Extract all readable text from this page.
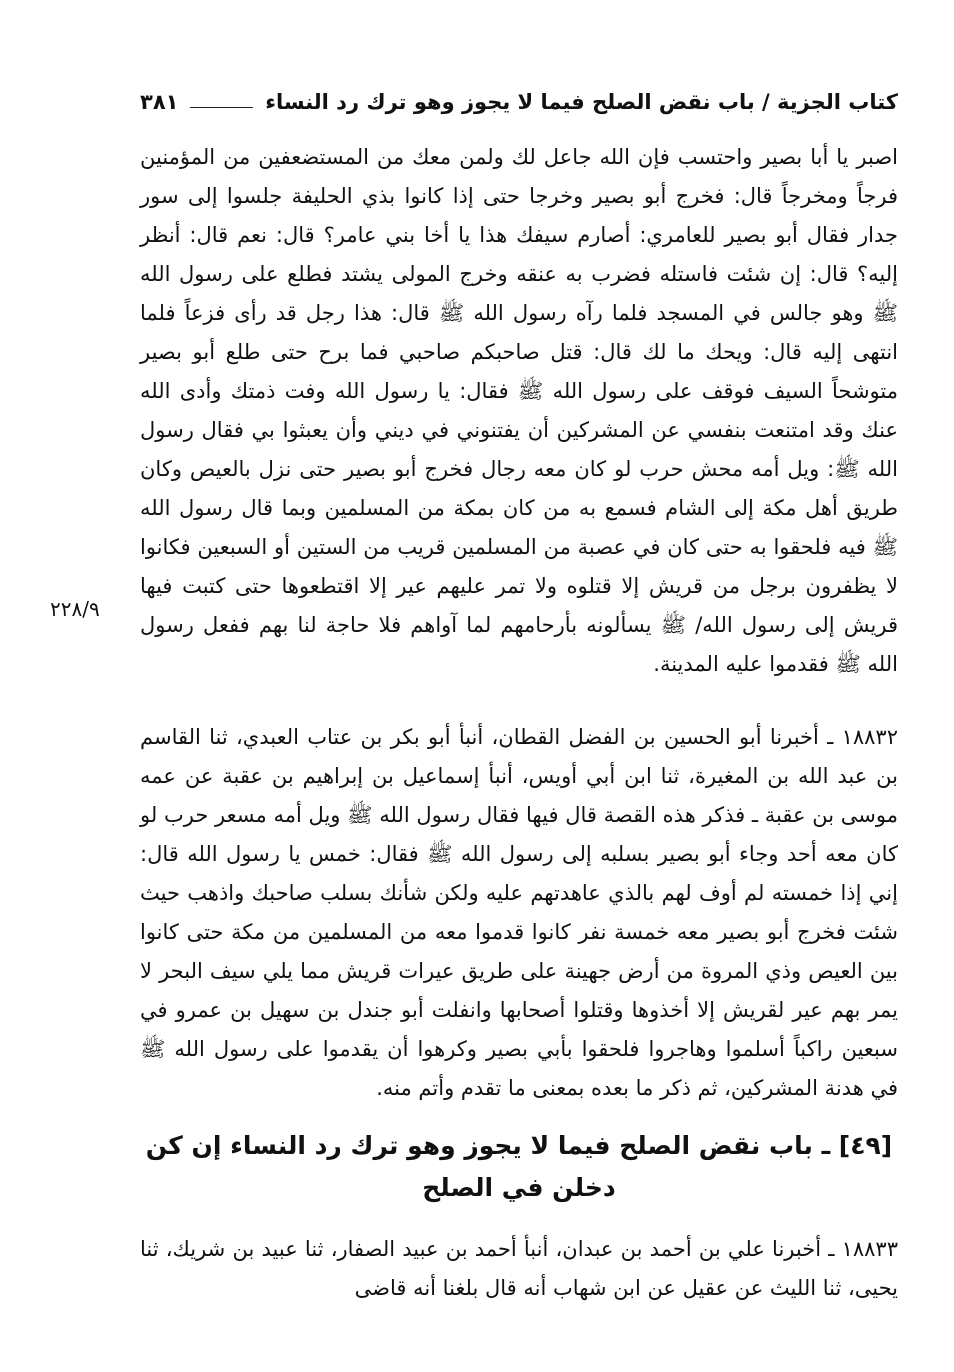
كتاب الجزية / باب نقض الصلح فيما لا يجوز وهو ترك رد النساء
٣٨١

اصبر يا أبا بصير واحتسب فإن الله جاعل لك ولمن معك من المستضعفين من المؤمنين فرجاً ومخرجاً قال: فخرج أبو بصير وخرجا حتى إذا كانوا بذي الحليفة جلسوا إلى سور جدار فقال أبو بصير للعامري: أصارم سيفك هذا يا أخا بني عامر؟ قال: نعم قال: أنظر إليه؟ قال: إن شئت فاستله فضرب به عنقه وخرج المولى يشتد فطلع على رسول الله ﷺ وهو جالس في المسجد فلما رآه رسول الله ﷺ قال: هذا رجل قد رأى فزعاً فلما انتهى إليه قال: ويحك ما لك قال: قتل صاحبكم صاحبي فما برح حتى طلع أبو بصير متوشحاً السيف فوقف على رسول الله ﷺ فقال: يا رسول الله وفت ذمتك وأدى الله عنك وقد امتنعت بنفسي عن المشركين أن يفتنوني في ديني وأن يعبثوا بي فقال رسول الله ﷺ: ويل أمه محش حرب لو كان معه رجال فخرج أبو بصير حتى نزل بالعيص وكان طريق أهل مكة إلى الشام فسمع به من كان بمكة من المسلمين وبما قال رسول الله ﷺ فيه فلحقوا به حتى كان في عصبة من المسلمين قريب من الستين أو السبعين فكانوا لا يظفرون برجل من قريش إلا قتلوه ولا تمر عليهم عير إلا اقتطعوها حتى كتبت فيها قريش إلى رسول الله/ ﷺ يسألونه بأرحامهم لما آواهم فلا حاجة لنا بهم ففعل رسول الله ﷺ فقدموا عليه المدينة.

٢٢٨/٩

١٨٨٣٢ ـ أخبرنا أبو الحسين بن الفضل القطان، أنبأ أبو بكر بن عتاب العبدي، ثنا القاسم بن عبد الله بن المغيرة، ثنا ابن أبي أويس، أنبأ إسماعيل بن إبراهيم بن عقبة عن عمه موسى بن عقبة ـ فذكر هذه القصة قال فيها فقال رسول الله ﷺ ويل أمه مسعر حرب لو كان معه أحد وجاء أبو بصير بسلبه إلى رسول الله ﷺ فقال: خمس يا رسول الله قال: إني إذا خمسته لم أوف لهم بالذي عاهدتهم عليه ولكن شأنك بسلب صاحبك واذهب حيث شئت فخرج أبو بصير معه خمسة نفر كانوا قدموا معه من المسلمين من مكة حتى كانوا بين العيص وذي المروة من أرض جهينة على طريق عيرات قريش مما يلي سيف البحر لا يمر بهم عير لقريش إلا أخذوها وقتلوا أصحابها وانفلت أبو جندل بن سهيل بن عمرو في سبعين راكباً أسلموا وهاجروا فلحقوا بأبي بصير وكرهوا أن يقدموا على رسول الله ﷺ في هدنة المشركين، ثم ذكر ما بعده بمعنى ما تقدم وأتم منه.

[٤٩] ـ باب نقض الصلح فيما لا يجوز وهو ترك رد النساء إن كن دخلن في الصلح

١٨٨٣٣ ـ أخبرنا علي بن أحمد بن عبدان، أنبأ أحمد بن عبيد الصفار، ثنا عبيد بن شريك، ثنا يحيى، ثنا الليث عن عقيل عن ابن شهاب أنه قال بلغنا أنه قاضى
